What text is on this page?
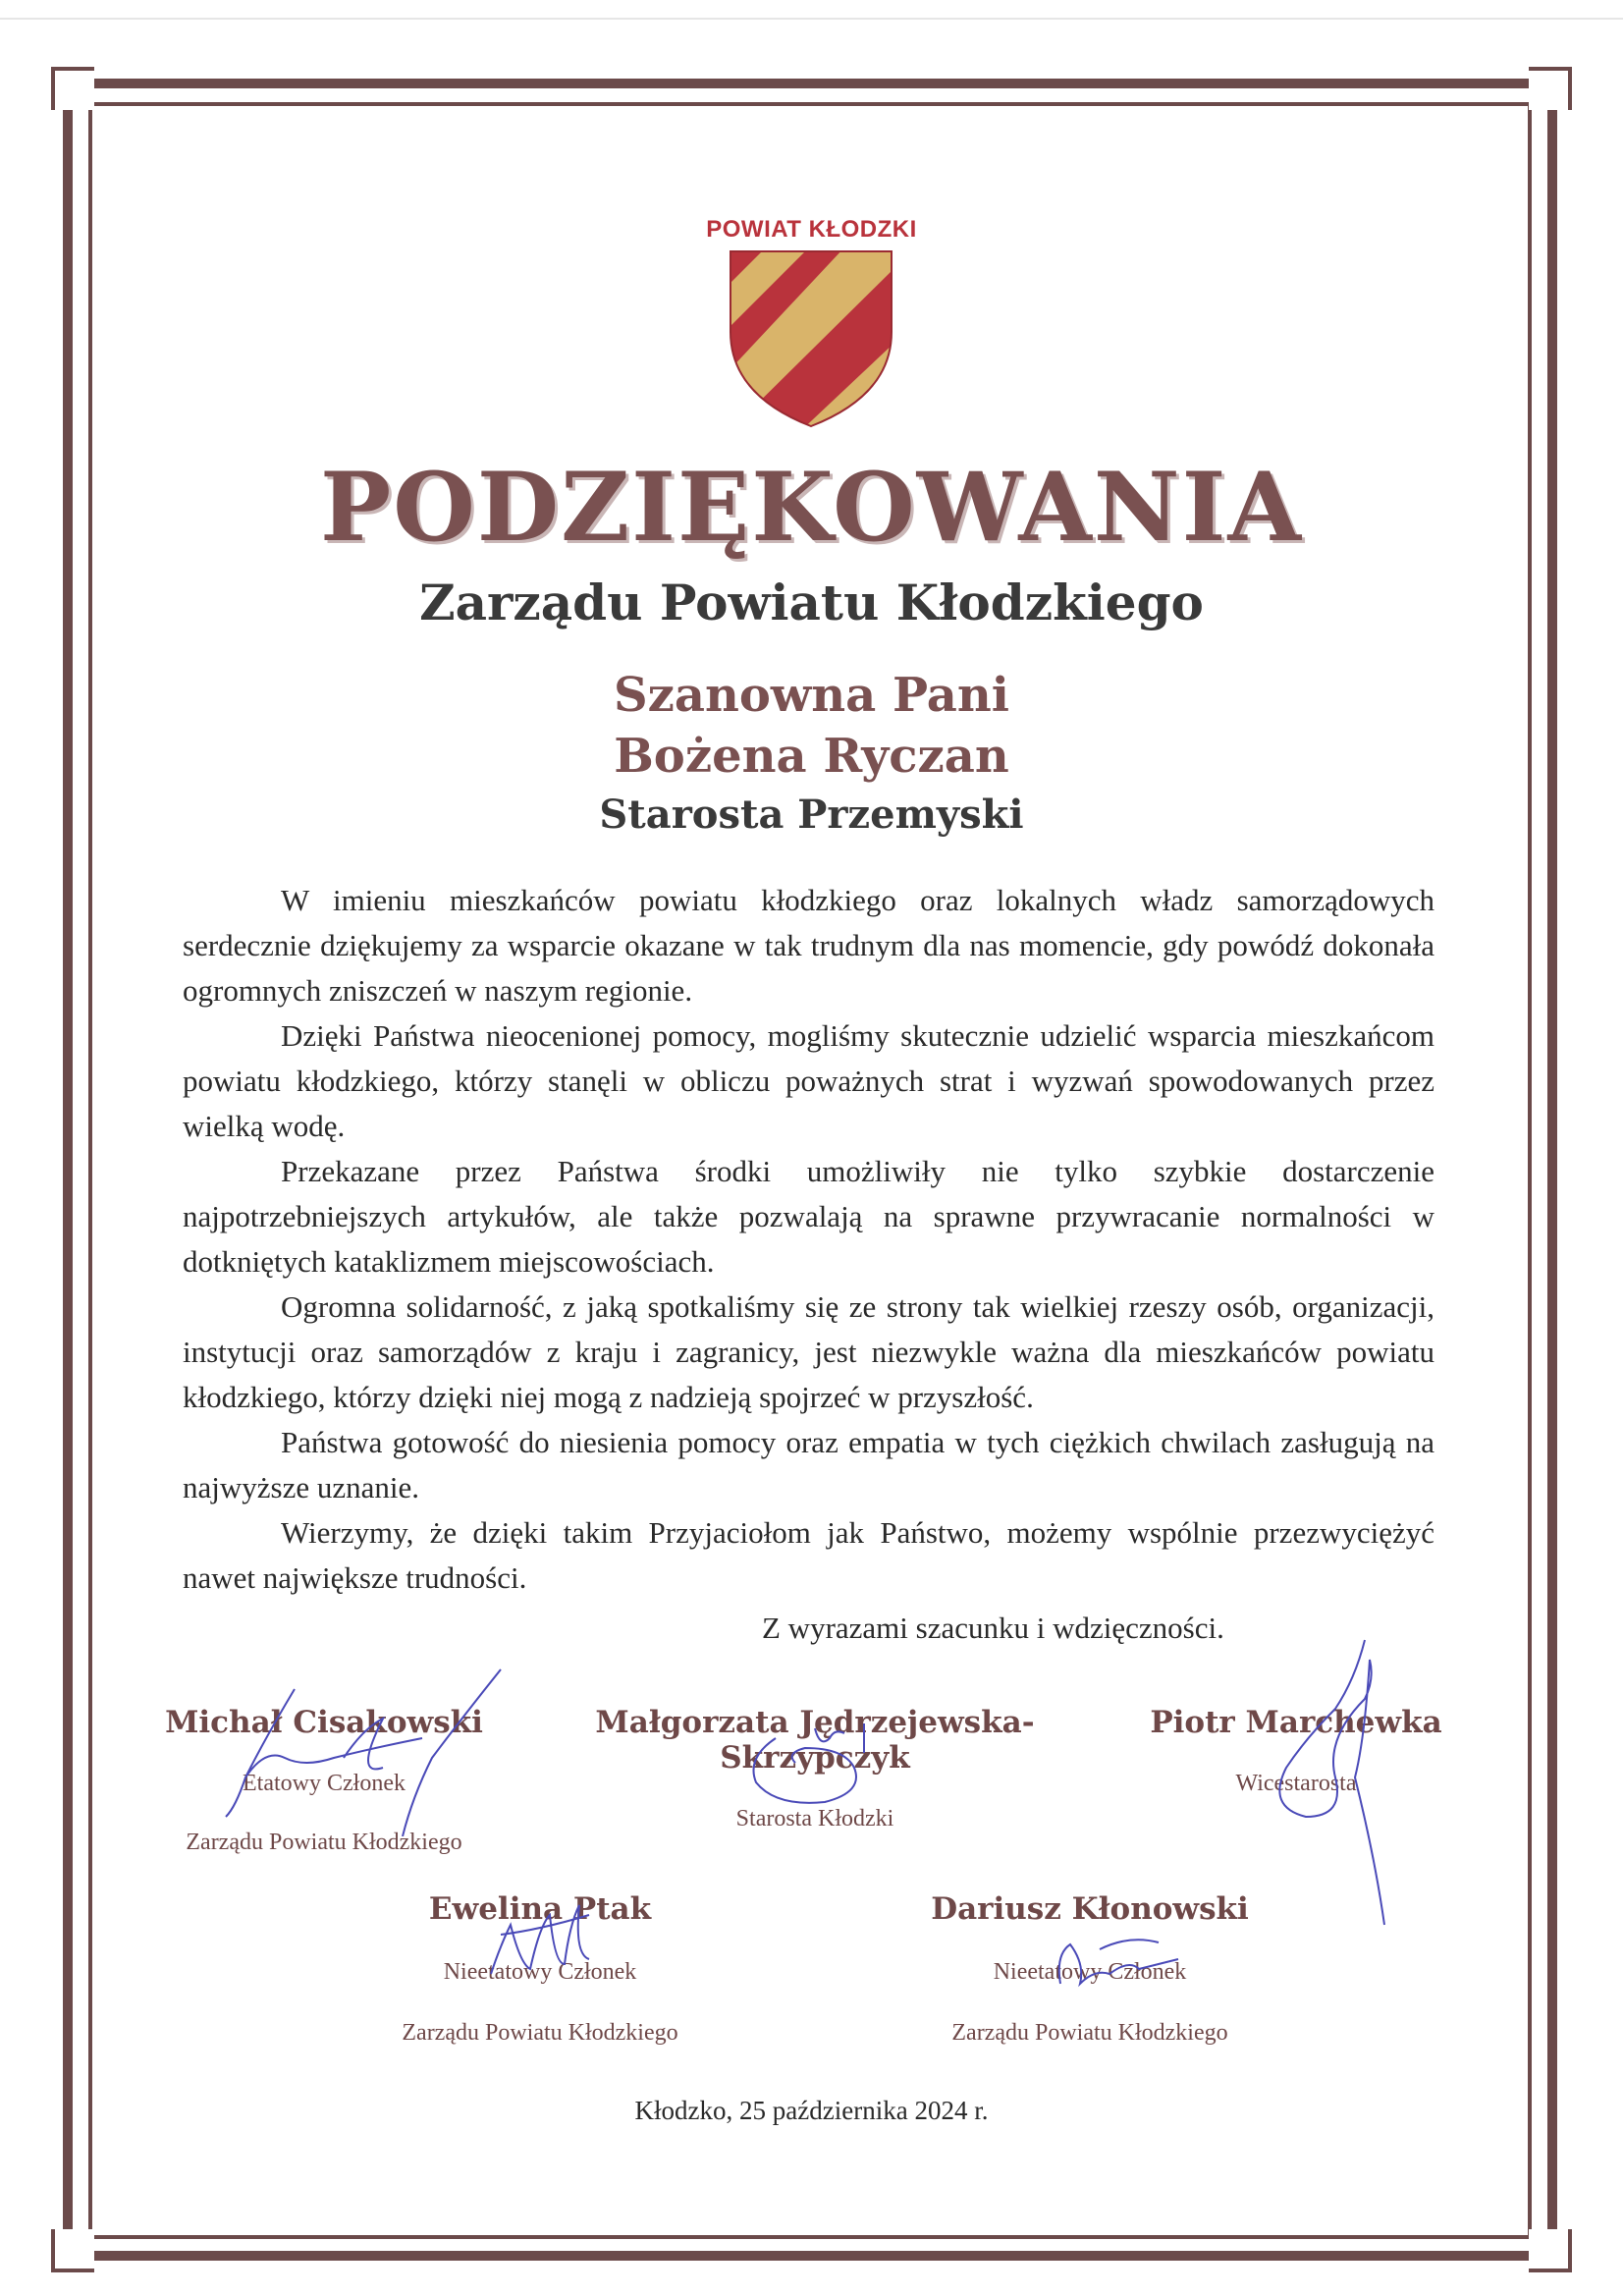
POWIAT KŁODZKI
PODZIĘKOWANIA
Zarządu Powiatu Kłodzkiego
Szanowna Pani
Bożena Ryczan
Starosta Przemyski

W imieniu mieszkańców powiatu kłodzkiego oraz lokalnych władz samorządowych serdecznie dziękujemy za wsparcie okazane w tak trudnym dla nas momencie, gdy powódź dokonała ogromnych zniszczeń w naszym regionie.

Dzięki Państwa nieocenionej pomocy, mogliśmy skutecznie udzielić wsparcia mieszkańcom powiatu kłodzkiego, którzy stanęli w obliczu poważnych strat i wyzwań spowodowanych przez wielką wodę.

Przekazane przez Państwa środki umożliwiły nie tylko szybkie dostarczenie najpotrzebniejszych artykułów, ale także pozwalają na sprawne przywracanie normalności w dotkniętych kataklizmem miejscowościach.

Ogromna solidarność, z jaką spotkaliśmy się ze strony tak wielkiej rzeszy osób, organizacji, instytucji oraz samorządów z kraju i zagranicy, jest niezwykle ważna dla mieszkańców powiatu kłodzkiego, którzy dzięki niej mogą z nadzieją spojrzeć w przyszłość.

Państwa gotowość do niesienia pomocy oraz empatia w tych ciężkich chwilach zasługują na najwyższe uznanie.

Wierzymy, że dzięki takim Przyjaciołom jak Państwo, możemy wspólnie przezwyciężyć nawet największe trudności.

Z wyrazami szacunku i wdzięczności.
Michał Cisakowski
Etatowy Członek
Zarządu Powiatu Kłodzkiego
Małgorzata Jędrzejewska-Skrzypczyk
Starosta Kłodzki
Piotr Marchewka
Wicestarosta
Ewelina Ptak
Nieetatowy Członek
Zarządu Powiatu Kłodzkiego
Dariusz Kłonowski
Nieetatowy Członek
Zarządu Powiatu Kłodzkiego
Kłodzko, 25 października 2024 r.
